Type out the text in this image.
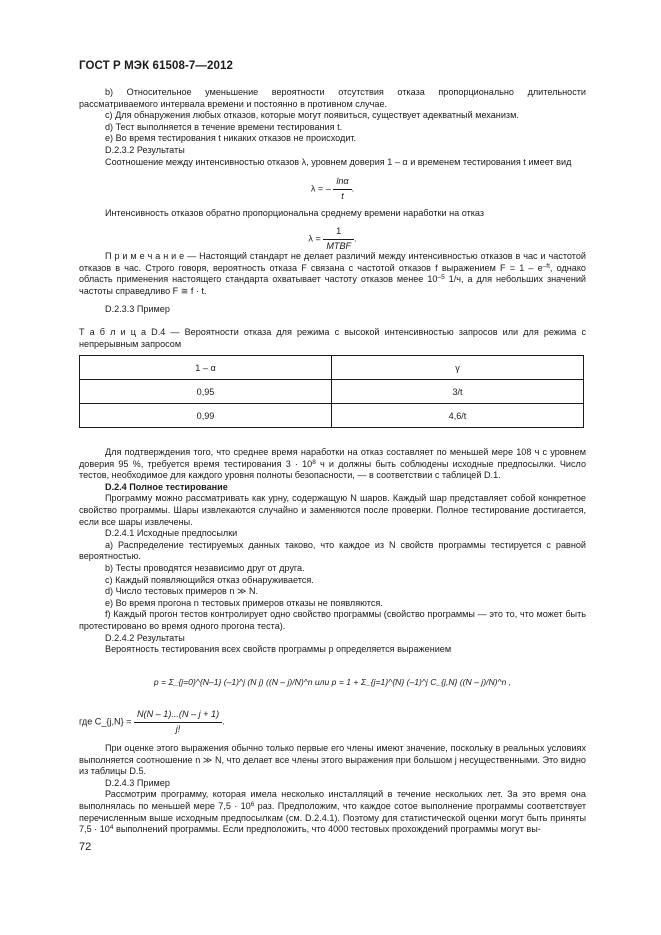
ГОСТ Р МЭК 61508-7—2012

b) Относительное уменьшение вероятности отсутствия отказа пропорционально длительности рассматриваемого интервала времени и постоянно в противном случае.

c) Для обнаружения любых отказов, которые могут появиться, существует адекватный механизм.

d) Тест выполняется в течение времени тестирования t.

e) Во время тестирования t никаких отказов не происходит.

D.2.3.2 Результаты

Соотношение между интенсивностью отказов λ, уровнем доверия 1 – α и временем тестирования t имеет вид

λ = – $\frac{\ln\alpha}{t}$ .

Интенсивность отказов обратно пропорциональна среднему времени наработки на отказ

λ =
1
MTBF
.

П р и м е ч а н и е — Настоящий стандарт не делает различий между интенсивностью отказов в час и частотой отказов в час. Строго говоря, вероятность отказа F связана с частотой отказов f выражением $F = 1 - e^{-ft}$, однако область применения настоящего стандарта охватывает частоту отказов менее $10^{-5}$ 1/ч, а для небольших значений частоты справедливо F ≅ f · t.

D.2.3.3 Пример

Т а б л и ц а D.4 — Вероятности отказа для режима с высокой интенсивностью запросов или для режима с непрерывным запросом

1 – α	γ
0,95	3/t
0,99	4,6/t

Для подтверждения того, что среднее время наработки на отказ составляет по меньшей мере 108 ч с уровнем доверия 95 %, требуется время тестирования $3 \cdot 10^8$ ч и должны быть соблюдены исходные предпосылки. Число тестов, необходимое для каждого уровня полноты безопасности, — в соответствии с таблицей D.1.

D.2.4 Полное тестирование

Программу можно рассматривать как урну, содержащую N шаров. Каждый шар представляет собой конкретное свойство программы. Шары извлекаются случайно и заменяются после проверки. Полное тестирование достигается, если все шары извлечены.

D.2.4.1 Исходные предпосылки

a) Распределение тестируемых данных таково, что каждое из N свойств программы тестируется с равной вероятностью.

b) Тесты проводятся независимо друг от друга.

c) Каждый появляющийся отказ обнаруживается.

d) Число тестовых примеров n ≫ N.

e) Во время прогона n тестовых примеров отказы не появляются.

f) Каждый прогон тестов контролирует одно свойство программы (свойство программы — это то, что может быть протестировано во время одного прогона теста).

D.2.4.2 Результаты

Вероятность тестирования всех свойств программы p определяется выражением

p = Σ_{j=0}^{N–1} (–1)^j (N j) ((N – j)/N)^n или p = 1 + Σ_{j=1}^{N} (–1)^j C_{j,N} ((N – j)/N)^n ,

где C_{j,N} = $\frac{N(N - 1)...(N - j + 1)}{j!}$ .

При оценке этого выражения обычно только первые его члены имеют значение, поскольку в реальных условиях выполняется соотношение n ≫ N, что делает все члены этого выражения при большом j несущественными. Это видно из таблицы D.5.

D.2.4.3 Пример

Рассмотрим программу, которая имела несколько инсталляций в течение нескольких лет. За это время она выполнялась по меньшей мере $7,5 \cdot 10^6$ раз. Предположим, что каждое сотое выполнение программы соответствует перечисленным выше исходным предпосылкам (см. D.2.4.1). Поэтому для статистической оценки могут быть приняты $7,5 \cdot 10^4$ выполнений программы. Если предположить, что 4000 тестовых прохождений программы могут вы-

72
